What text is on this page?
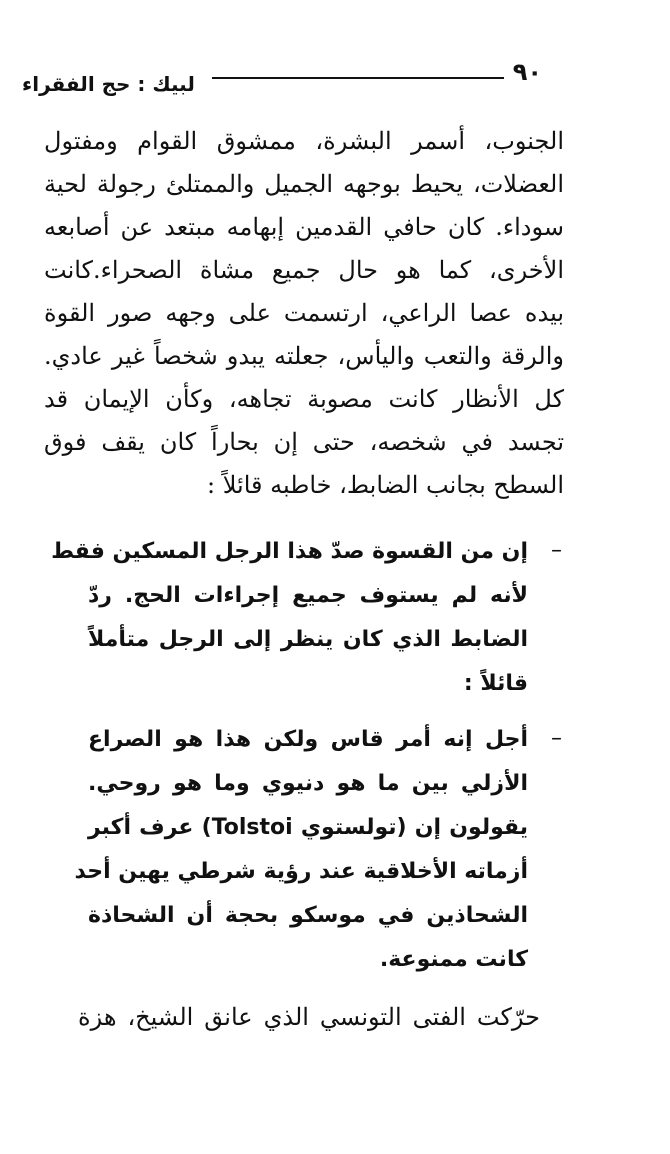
لبيك : حج الفقراء	٩٠
الجنوب، أسمر البشرة، ممشوق القوام ومفتول
العضلات، يحيط بوجهه الجميل والممتلئ رجولة لحية
سوداء. كان حافي القدمين إبهامه مبتعد عن أصابعه
الأخرى، كما هو حال جميع مشاة الصحراء.كانت
بيده عصا الراعي، ارتسمت على وجهه صور القوة
والرقة والتعب واليأس، جعلته يبدو شخصاً غير عادي.
كل الأنظار كانت مصوبة تجاهه، وكأن الإيمان قد
تجسد في شخصه، حتى إن بحاراً كان يقف فوق
السطح بجانب الضابط، خاطبه قائلاً :
–
إن من القسوة صدّ هذا الرجل المسكين فقط
لأنه لم يستوف جميع إجراءات الحج. ردّ
الضابط الذي كان ينظر إلى الرجل متأملاً
قائلاً :
–
أجل إنه أمر قاس ولكن هذا هو الصراع
الأزلي بين ما هو دنيوي وما هو روحي.
يقولون إن (تولستوي Tolstoi) عرف أكبر
أزماته الأخلاقية عند رؤية شرطي يهين أحد
الشحاذين في موسكو بحجة أن الشحاذة
كانت ممنوعة.
حرّكت الفتى التونسي الذي عانق الشيخ، هزة
